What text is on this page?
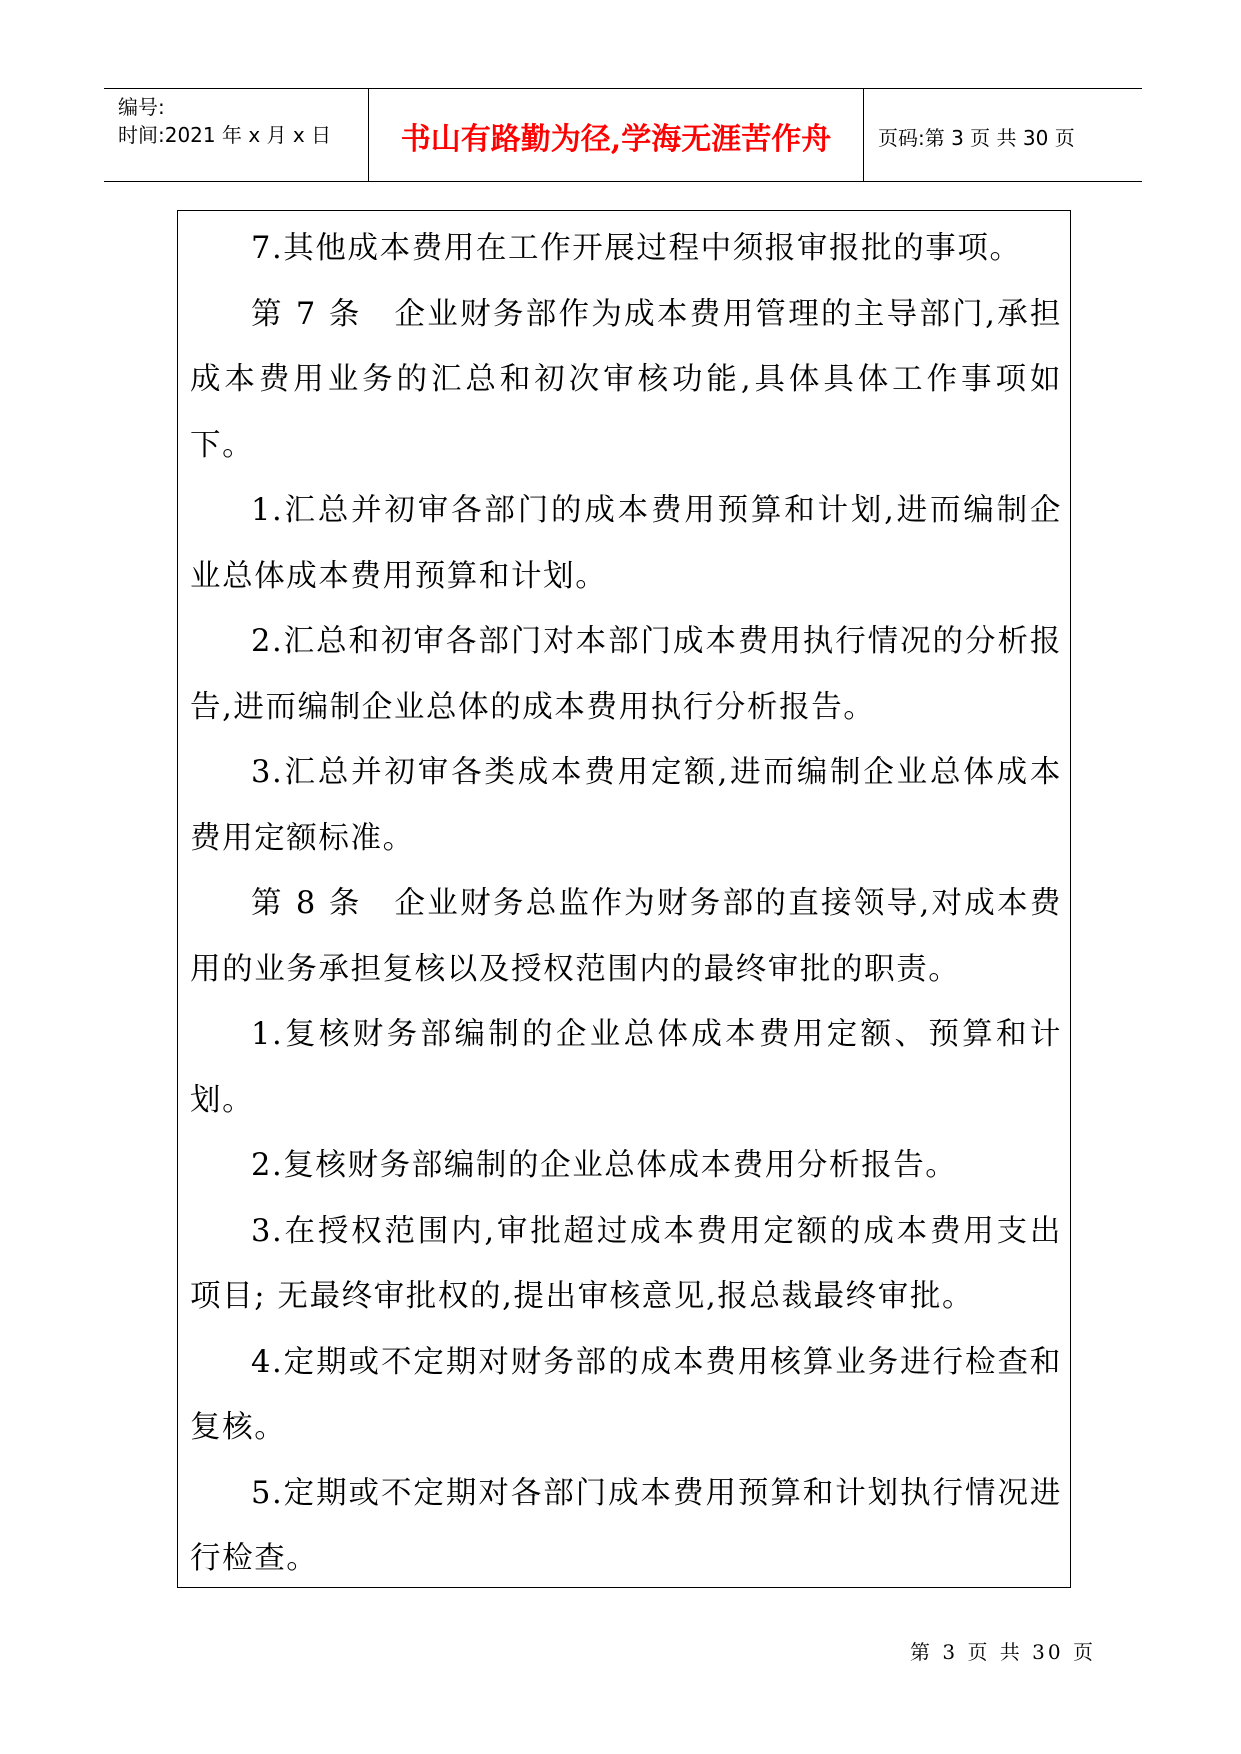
编号:
时间:2021 年 x 月 x 日	书山有路勤为径,学海无涯苦作舟 页码:第 3 页 共 30 页

7.其他成本费用在工作开展过程中须报审报批的事项。

第 7 条　企业财务部作为成本费用管理的主导部门,承担成本费用业务的汇总和初次审核功能,具体具体工作事项如下。

1.汇总并初审各部门的成本费用预算和计划,进而编制企业总体成本费用预算和计划。

2.汇总和初审各部门对本部门成本费用执行情况的分析报告,进而编制企业总体的成本费用执行分析报告。

3.汇总并初审各类成本费用定额,进而编制企业总体成本费用定额标准。

第 8 条　企业财务总监作为财务部的直接领导,对成本费用的业务承担复核以及授权范围内的最终审批的职责。

1.复核财务部编制的企业总体成本费用定额、预算和计划。

2.复核财务部编制的企业总体成本费用分析报告。

3.在授权范围内,审批超过成本费用定额的成本费用支出项目; 无最终审批权的,提出审核意见,报总裁最终审批。

4.定期或不定期对财务部的成本费用核算业务进行检查和复核。

5.定期或不定期对各部门成本费用预算和计划执行情况进行检查。

第 3 页 共 30 页
